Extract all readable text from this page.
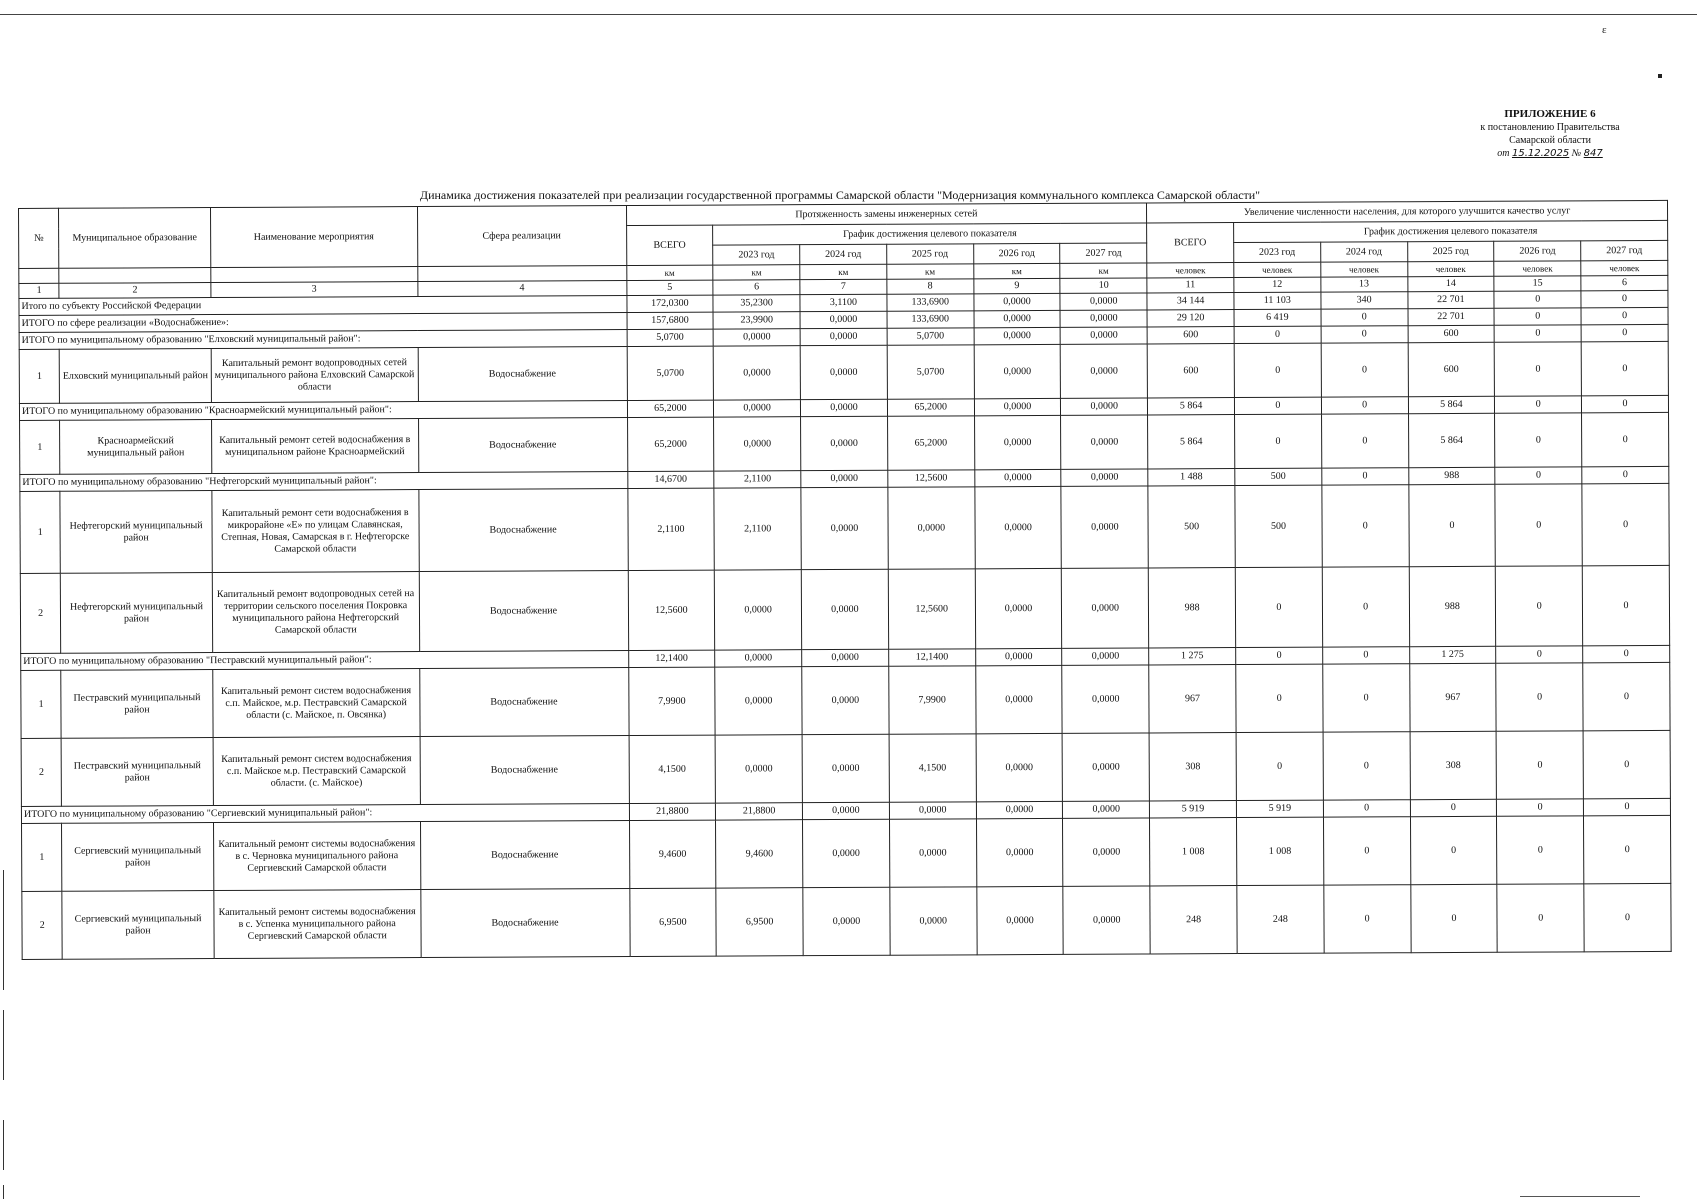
ɛ
ПРИЛОЖЕНИЕ 6
к постановлению Правительства
Самарской области
от 15.12.2025 № 847
Динамика достижения показателей при реализации государственной программы Самарской области "Модернизация коммунального комплекса Самарской области"
№	Муниципальное образование	Наименование мероприятия	Сфера реализации	Протяженность замены инженерных сетей						Увеличение численности населения, для которого улучшится качество услуг					
				ВСЕГО	График достижения целевого показателя					ВСЕГО	График достижения целевого показателя				
					2023 год	2024 год	2025 год	2026 год	2027 год		2023 год	2024 год	2025 год	2026 год	2027 год
				км	км	км	км	км	км	человек	человек	человек	человек	человек	человек
1	2	3	4	5	6	7	8	9	10	11	12	13	14	15	6
Итого по субъекту Российской Федерации				172,0300	35,2300	3,1100	133,6900	0,0000	0,0000	34 144	11 103	340	22 701	0	0
ИТОГО по сфере реализации «Водоснабжение»:				157,6800	23,9900	0,0000	133,6900	0,0000	0,0000	29 120	6 419	0	22 701	0	0
ИТОГО по муниципальному образованию "Елховский муниципальный район":				5,0700	0,0000	0,0000	5,0700	0,0000	0,0000	600	0	0	600	0	0
1	Елховский муниципальный район	Капитальный ремонт водопроводных сетей муниципального района Елховский Самарской области	Водоснабжение	5,0700	0,0000	0,0000	5,0700	0,0000	0,0000	600	0	0	600	0	0
ИТОГО по муниципальному образованию "Красноармейский муниципальный район":				65,2000	0,0000	0,0000	65,2000	0,0000	0,0000	5 864	0	0	5 864	0	0
1	Красноармейский муниципальный район	Капитальный ремонт сетей водоснабжения в муниципальном районе Красноармейский	Водоснабжение	65,2000	0,0000	0,0000	65,2000	0,0000	0,0000	5 864	0	0	5 864	0	0
ИТОГО по муниципальному образованию "Нефтегорский муниципальный район":				14,6700	2,1100	0,0000	12,5600	0,0000	0,0000	1 488	500	0	988	0	0
1	Нефтегорский муниципальный район	Капитальный ремонт сети водоснабжения в микрорайоне «Е» по улицам Славянская, Степная, Новая, Самарская в г. Нефтегорске Самарской области	Водоснабжение	2,1100	2,1100	0,0000	0,0000	0,0000	0,0000	500	500	0	0	0	0
2	Нефтегорский муниципальный район	Капитальный ремонт водопроводных сетей на территории сельского поселения Покровка муниципального района Нефтегорский Самарской области	Водоснабжение	12,5600	0,0000	0,0000	12,5600	0,0000	0,0000	988	0	0	988	0	0
ИТОГО по муниципальному образованию "Пестравский муниципальный район":				12,1400	0,0000	0,0000	12,1400	0,0000	0,0000	1 275	0	0	1 275	0	0
1	Пестравский муниципальный район	Капитальный ремонт систем водоснабжения с.п. Майское, м.р. Пестравский Самарской области (с. Майское, п. Овсянка)	Водоснабжение	7,9900	0,0000	0,0000	7,9900	0,0000	0,0000	967	0	0	967	0	0
2	Пестравский муниципальный район	Капитальный ремонт систем водоснабжения с.п. Майское м.р. Пестравский Самарской области. (с. Майское)	Водоснабжение	4,1500	0,0000	0,0000	4,1500	0,0000	0,0000	308	0	0	308	0	0
ИТОГО по муниципальному образованию "Сергиевский муниципальный район":				21,8800	21,8800	0,0000	0,0000	0,0000	0,0000	5 919	5 919	0	0	0	0
1	Сергиевский муниципальный район	Капитальный ремонт системы водоснабжения в с. Черновка муниципального района Сергиевский Самарской области	Водоснабжение	9,4600	9,4600	0,0000	0,0000	0,0000	0,0000	1 008	1 008	0	0	0	0
2	Сергиевский муниципальный район	Капитальный ремонт системы водоснабжения в с. Успенка муниципального района Сергиевский Самарской области	Водоснабжение	6,9500	6,9500	0,0000	0,0000	0,0000	0,0000	248	248	0	0	0	0
